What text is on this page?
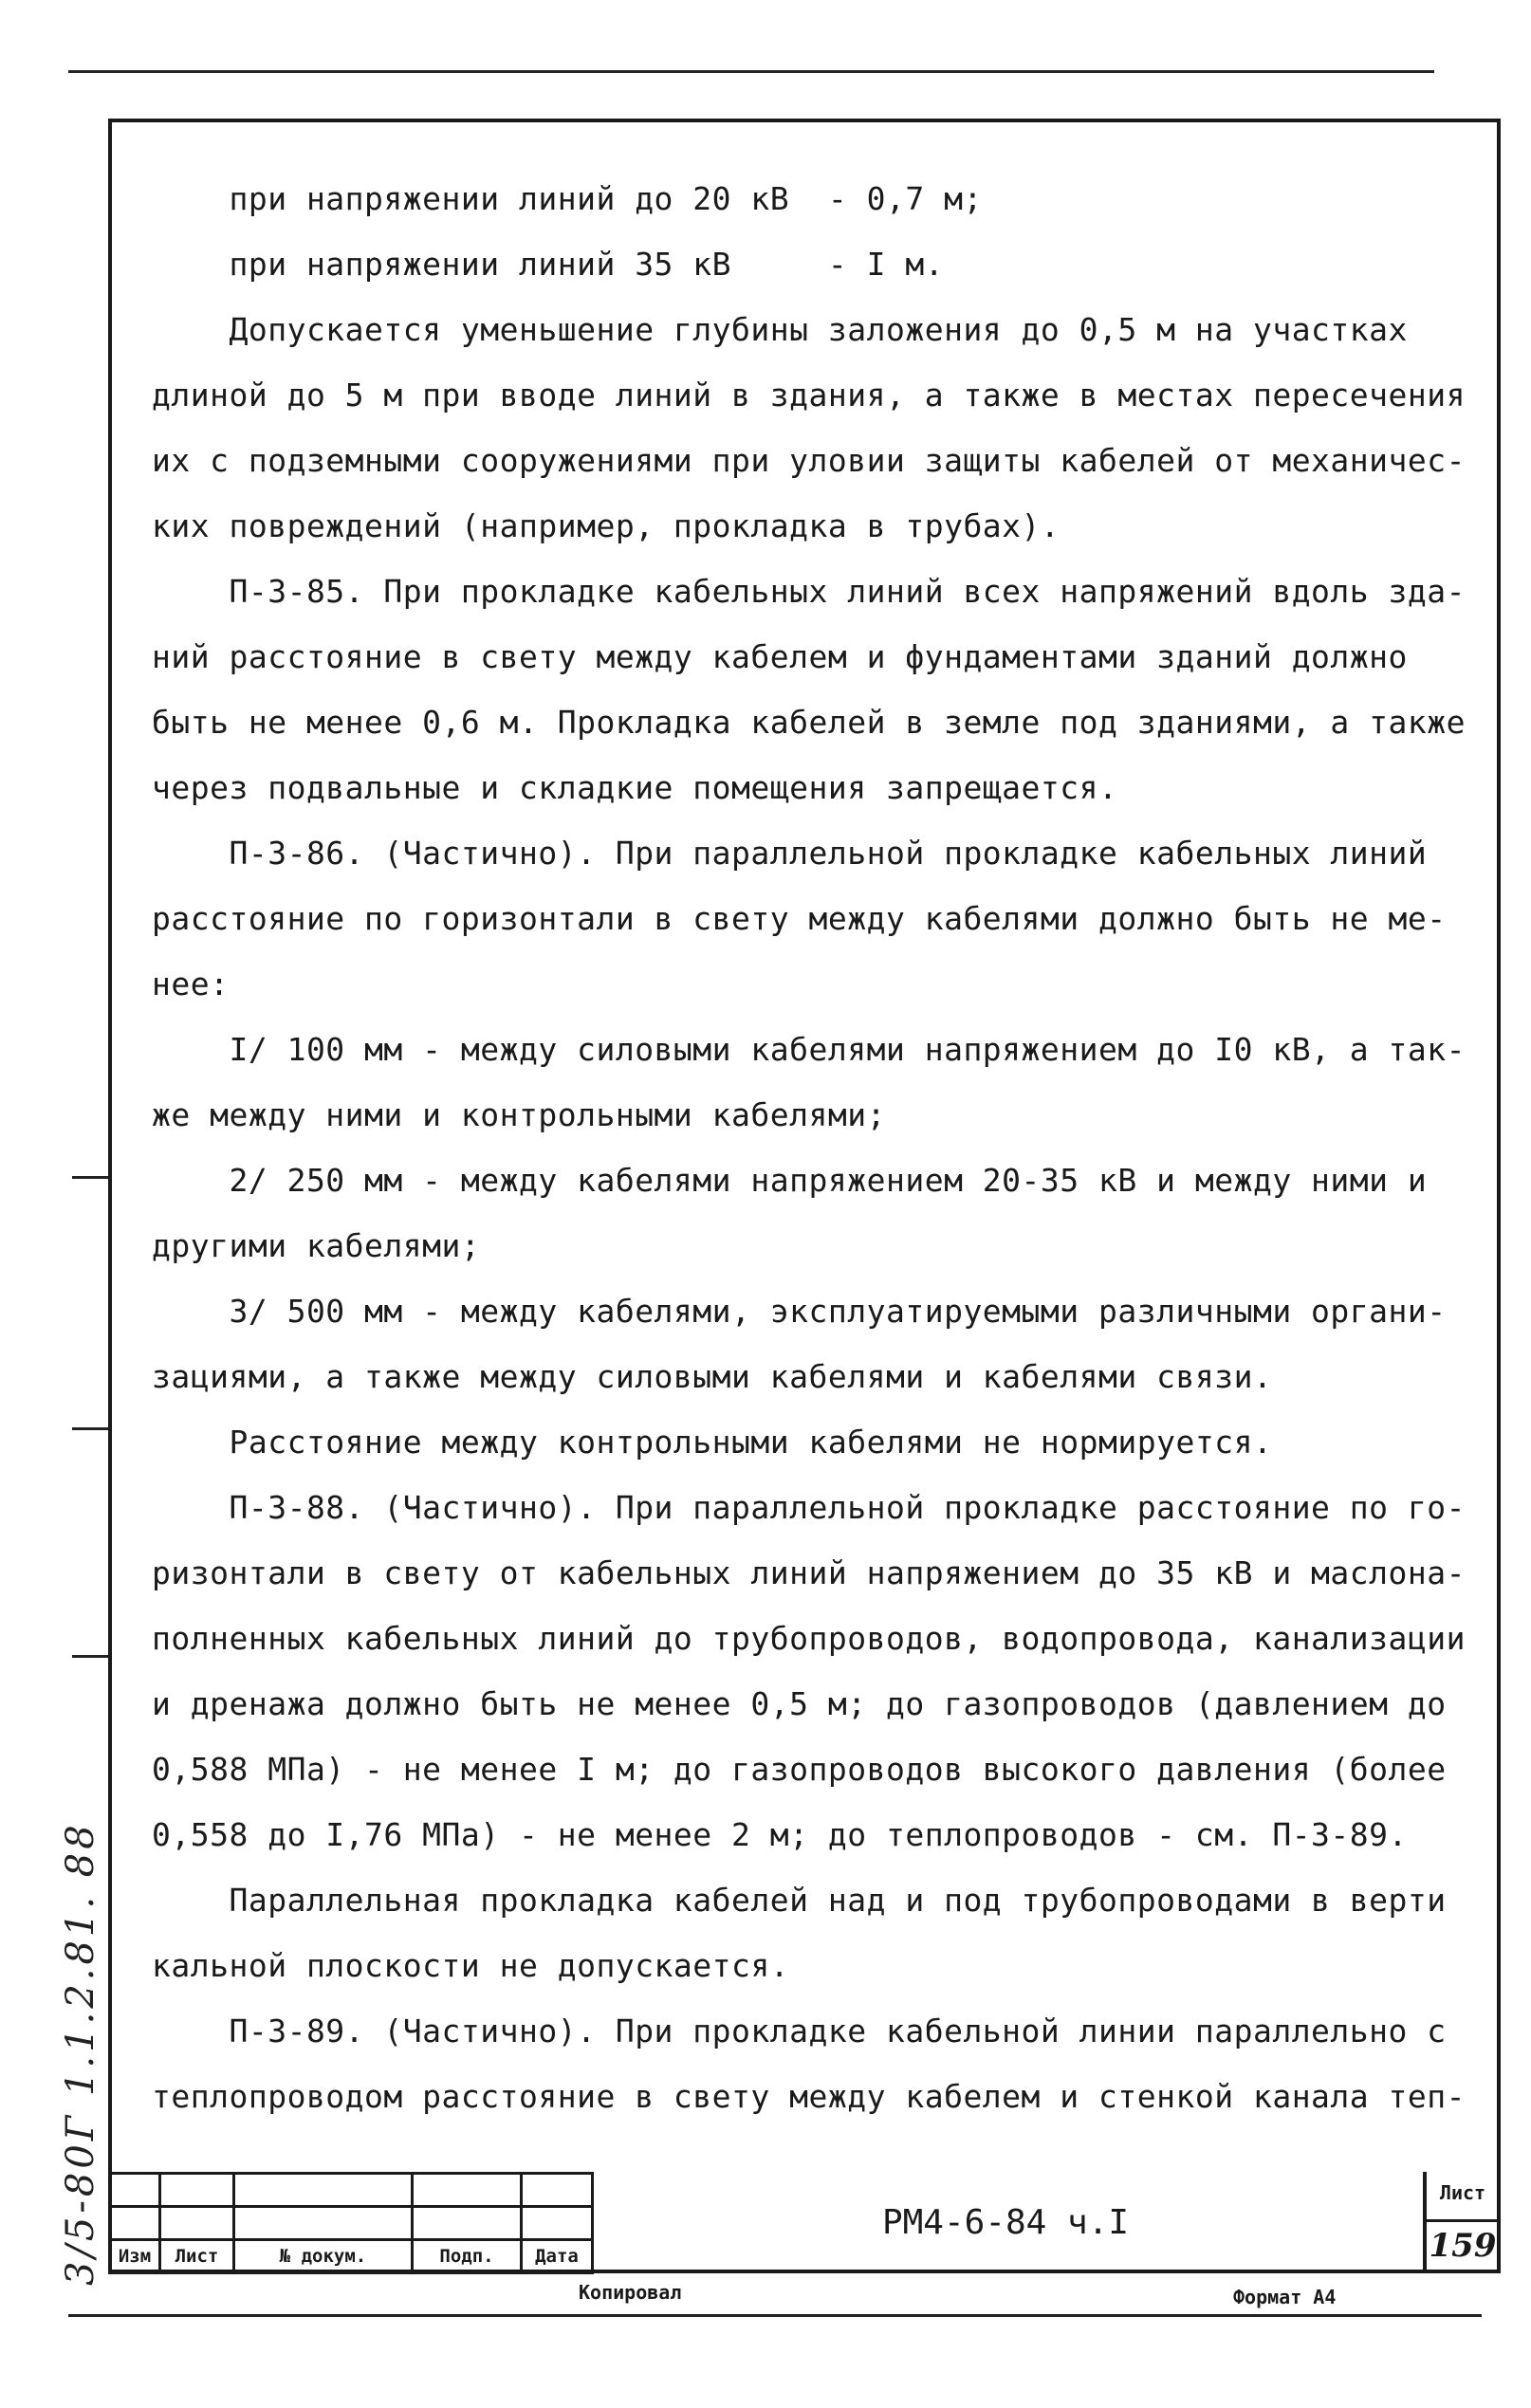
3/5-80Г 1.1.2.81. 88
при напряжении линий до 20 кВ  - 0,7 м;
при напряжении линий 35 кВ     - I м.
Допускается уменьшение глубины заложения до 0,5 м на участках
длиной до 5 м при вводе линий в здания, а также в местах пересечения
их с подземными сооружениями при уловии защиты кабелей от механичес-
ких повреждений (например, прокладка в трубах).
П-3-85. При прокладке кабельных линий всех напряжений вдоль зда-
ний расстояние в свету между кабелем и фундаментами зданий должно
быть не менее 0,6 м. Прокладка кабелей в земле под зданиями, а также
через подвальные и складкие помещения запрещается.
П-3-86. (Частично). При параллельной прокладке кабельных линий
расстояние по горизонтали в свету между кабелями должно быть не ме-
нее:
I/ 100 мм - между силовыми кабелями напряжением до I0 кВ, а так-
же между ними и контрольными кабелями;
2/ 250 мм - между кабелями напряжением 20-35 кВ и между ними и
другими кабелями;
3/ 500 мм - между кабелями, эксплуатируемыми различными органи-
зациями, а также между силовыми кабелями и кабелями связи.
Расстояние между контрольными кабелями не нормируется.
П-3-88. (Частично). При параллельной прокладке расстояние по го-
ризонтали в свету от кабельных линий напряжением до 35 кВ и маслона-
полненных кабельных линий до трубопроводов, водопровода, канализации
и дренажа должно быть не менее 0,5 м; до газопроводов (давлением до
0,588 МПа) - не менее I м; до газопроводов высокого давления (более
0,558 до I,76 МПа) - не менее 2 м; до теплопроводов - см. П-3-89.
Параллельная прокладка кабелей над и под трубопроводами в верти
кальной плоскости не допускается.
П-3-89. (Частично). При прокладке кабельной линии параллельно с
теплопроводом расстояние в свету между кабелем и стенкой канала теп-

Изм	Лист	№ докум.	Подп.	Дата
РМ4-6-84 ч.I
Лист
159
Копировал	Формат А4
